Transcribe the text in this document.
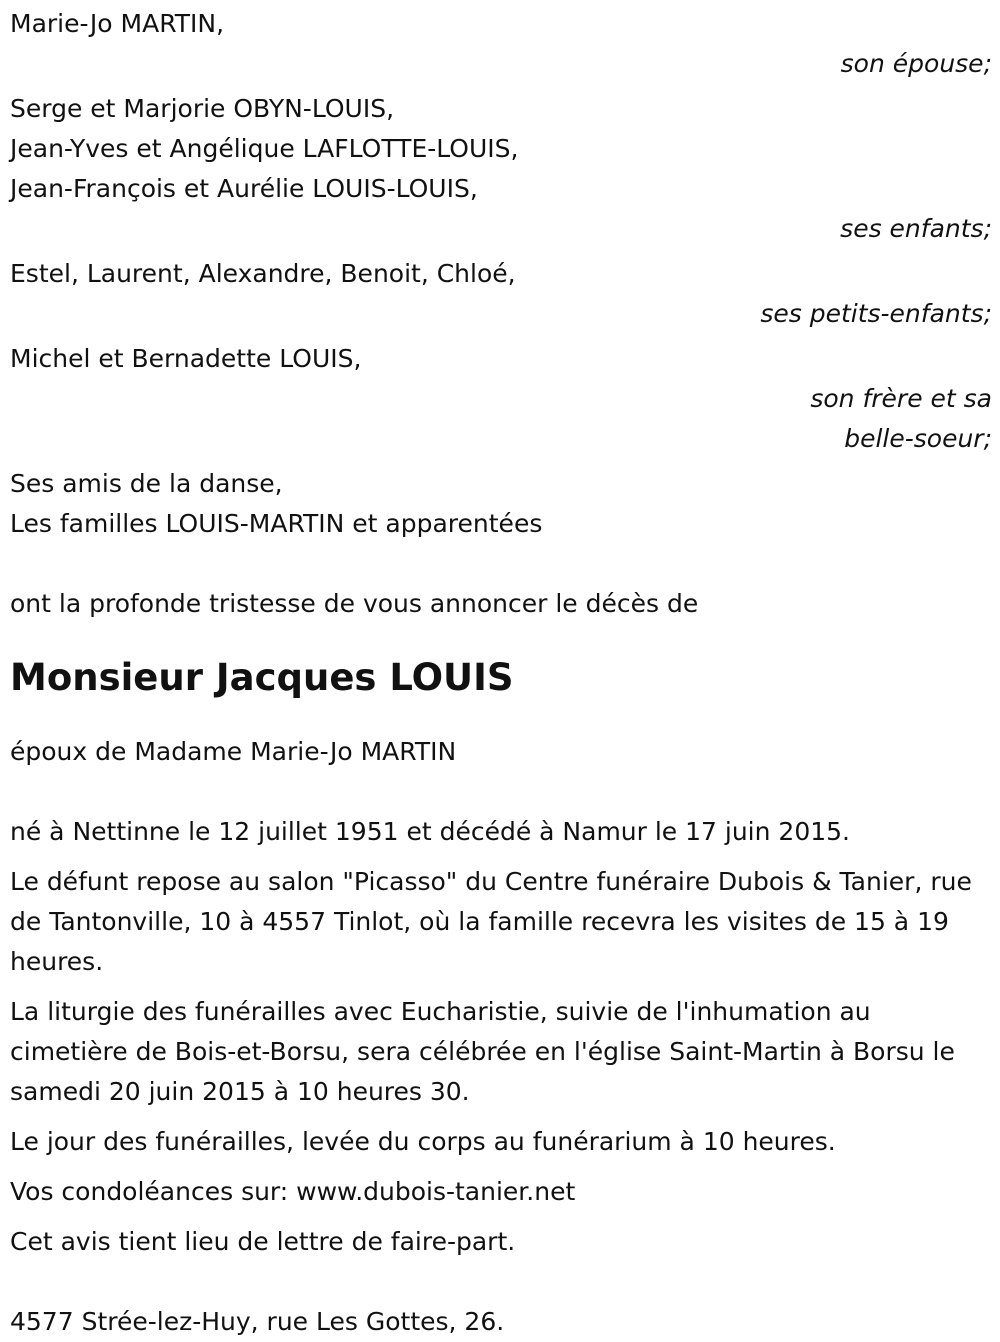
Marie-Jo MARTIN,

son épouse;

Serge et Marjorie OBYN-LOUIS,

Jean-Yves et Angélique LAFLOTTE-LOUIS,

Jean-François et Aurélie LOUIS-LOUIS,

ses enfants;

Estel, Laurent, Alexandre, Benoit, Chloé,

ses petits-enfants;

Michel et Bernadette LOUIS,

son frère et sa

belle-soeur;

Ses amis de la danse,

Les familles LOUIS-MARTIN et apparentées

ont la profonde tristesse de vous annoncer le décès de

Monsieur Jacques LOUIS

époux de Madame Marie-Jo MARTIN

né à Nettinne le 12 juillet 1951 et décédé à Namur le 17 juin 2015.

Le défunt repose au salon "Picasso" du Centre funéraire Dubois & Tanier, rue de Tantonville, 10 à 4557 Tinlot, où la famille recevra les visites de 15 à 19 heures.

La liturgie des funérailles avec Eucharistie, suivie de l'inhumation au cimetière de Bois-et-Borsu, sera célébrée en l'église Saint-Martin à Borsu le samedi 20 juin 2015 à 10 heures 30.

Le jour des funérailles, levée du corps au funérarium à 10 heures.

Vos condoléances sur: www.dubois-tanier.net

Cet avis tient lieu de lettre de faire-part.

4577 Strée-lez-Huy, rue Les Gottes, 26.
